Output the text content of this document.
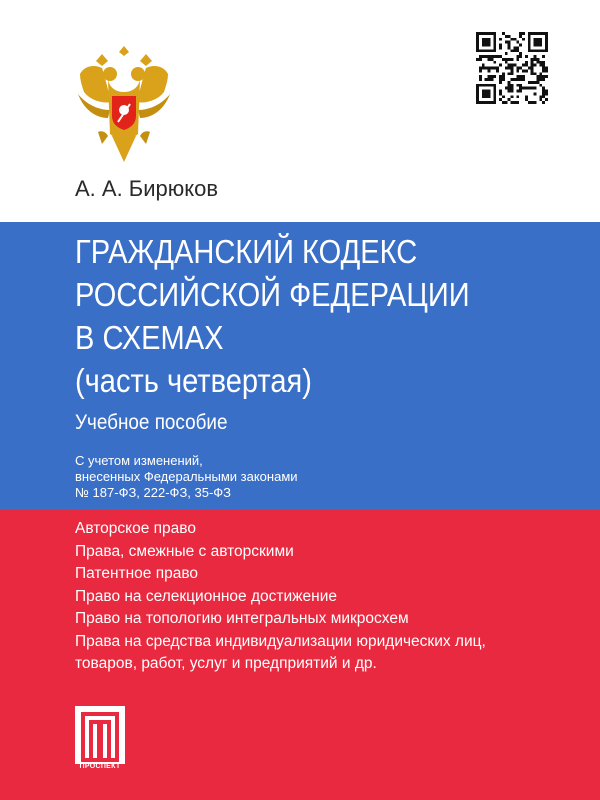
А. А. Бирюков
ГРАЖДАНСКИЙ КОДЕКС
РОССИЙСКОЙ ФЕДЕРАЦИИ
В СХЕМАХ
(часть четвертая)
Учебное пособие
С учетом изменений,
внесенных Федеральными законами
№ 187-ФЗ, 222-ФЗ, 35-ФЗ
Авторское право
Права, смежные с авторскими
Патентное право
Право на селекционное достижение
Право на топологию интегральных микросхем
Права на средства индивидуализации юридических лиц,
товаров, работ, услуг и предприятий и др.
ПРОСПЕКТ
